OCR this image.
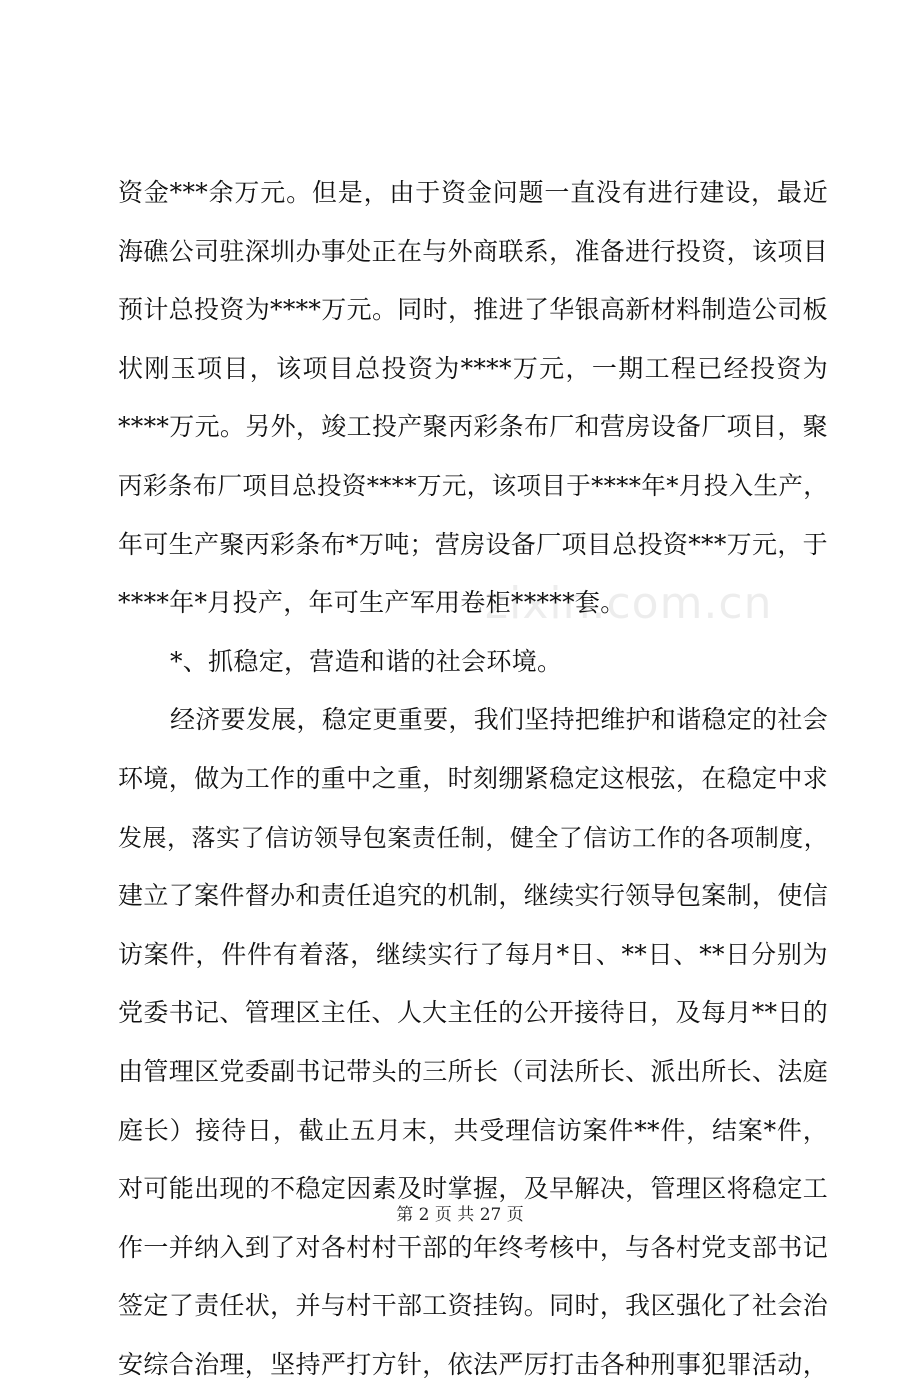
zixin.com.cn
资金***余万元。但是，由于资金问题一直没有进行建设，最近
海礁公司驻深圳办事处正在与外商联系，准备进行投资，该项目
预计总投资为****万元。同时，推进了华银高新材料制造公司板
状刚玉项目，该项目总投资为****万元，一期工程已经投资为
****万元。另外，竣工投产聚丙彩条布厂和营房设备厂项目，聚
丙彩条布厂项目总投资****万元，该项目于****年*月投入生产，
年可生产聚丙彩条布*万吨；营房设备厂项目总投资***万元，于
****年*月投产，年可生产军用卷柜*****套。
*、抓稳定，营造和谐的社会环境。
经济要发展，稳定更重要，我们坚持把维护和谐稳定的社会
环境，做为工作的重中之重，时刻绷紧稳定这根弦，在稳定中求
发展，落实了信访领导包案责任制，健全了信访工作的各项制度，
建立了案件督办和责任追究的机制，继续实行领导包案制，使信
访案件，件件有着落，继续实行了每月*日、**日、**日分别为
党委书记、管理区主任、人大主任的公开接待日，及每月**日的
由管理区党委副书记带头的三所长（司法所长、派出所长、法庭
庭长）接待日，截止五月末，共受理信访案件**件，结案*件，
对可能出现的不稳定因素及时掌握，及早解决，管理区将稳定工
作一并纳入到了对各村村干部的年终考核中，与各村党支部书记
签定了责任状，并与村干部工资挂钩。同时，我区强化了社会治
安综合治理，坚持严打方针，依法严厉打击各种刑事犯罪活动，
第 2 页 共 27 页
